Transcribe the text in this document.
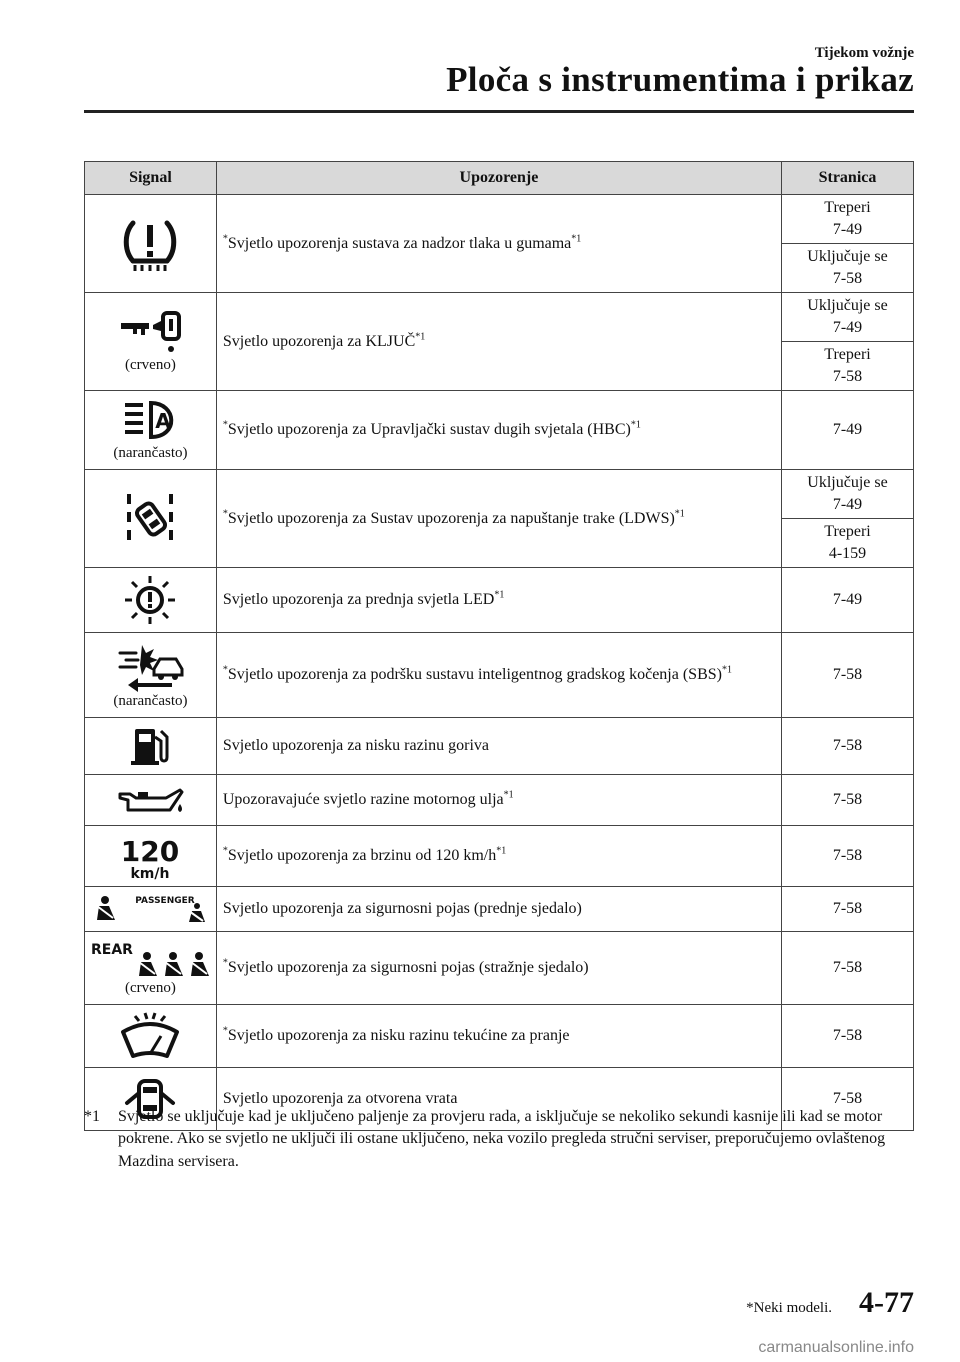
Tijekom vožnje
Ploča s instrumentima i prikaz
Signal	Upozorenje	Stranica

	*Svjetlo upozorenja sustava za nadzor tlaka u gumama$^{*1}$	Treperi
7-49
		Uključuje se
7-58

(crveno)	Svjetlo upozorenja za KLJUČ$^{*1}$	Uključuje se
7-49
		Treperi
7-58

A
(narančasto)	*Svjetlo upozorenja za Upravljački sustav dugih svjetala (HBC)$^{*1}$	7-49

	*Svjetlo upozorenja za Sustav upozorenja za napuštanje trake (LDWS)$^{*1}$	Uključuje se
7-49
		Treperi
4-159

	Svjetlo upozorenja za prednja svjetla LED$^{*1}$	7-49

(narančasto)	*Svjetlo upozorenja za podršku sustavu inteligentnog gradskog kočenja (SBS)$^{*1}$	7-58

	Svjetlo upozorenja za nisku razinu goriva	7-58

	Upozoravajuće svjetlo razine motornog ulja$^{*1}$	7-58

120
km/h	*Svjetlo upozorenja za brzinu od 120 $km/h^{*1}$	7-58

PASSENGER	Svjetlo upozorenja za sigurnosni pojas (prednje sjedalo)	7-58

REAR
(crveno)	*Svjetlo upozorenja za sigurnosni pojas (stražnje sjedalo)	7-58

	*Svjetlo upozorenja za nisku razinu tekućine za pranje	7-58

	Svjetlo upozorenja za otvorena vrata	7-58
*1 Svjetlo se uključuje kad je uključeno paljenje za provjeru rada, a isključuje se nekoliko sekundi kasnije ili kad se motor pokrene. Ako se svjetlo ne uključi ili ostane uključeno, neka vozilo pregleda stručni serviser, preporučujemo ovlaštenog Mazdina servisera.
*Neki modeli. 4-77
carmanualsonline.info
